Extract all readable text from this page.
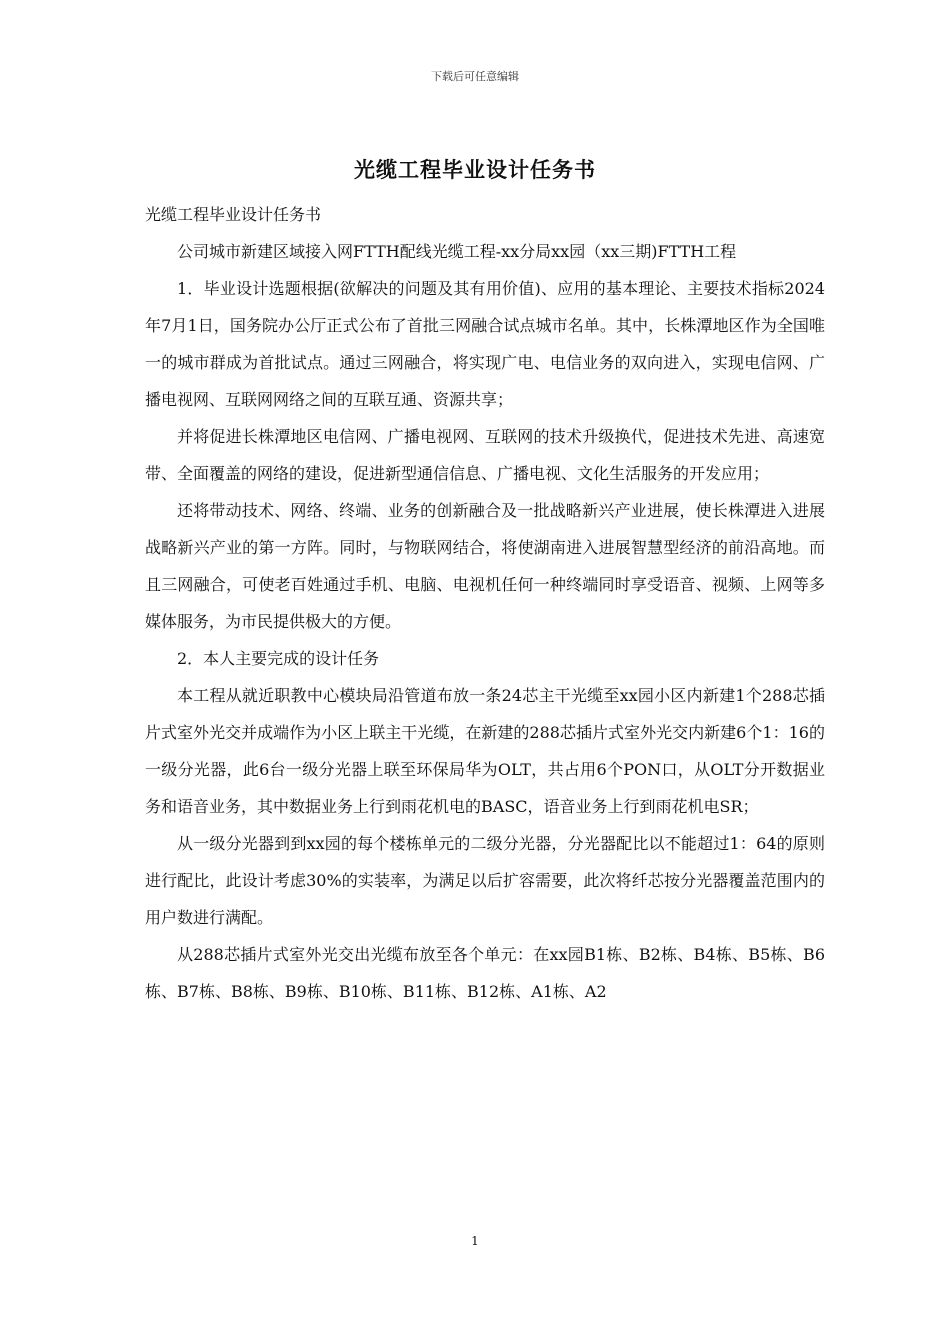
下载后可任意编辑
光缆工程毕业设计任务书

光缆工程毕业设计任务书

公司城市新建区域接入网FTTH配线光缆工程-xx分局xx园（xx三期)FTTH工程

1．毕业设计选题根据(欲解决的问题及其有用价值)、应用的基本理论、主要技术指标2024年7月1日，国务院办公厅正式公布了首批三网融合试点城市名单。其中，长株潭地区作为全国唯一的城市群成为首批试点。通过三网融合，将实现广电、电信业务的双向进入，实现电信网、广播电视网、互联网网络之间的互联互通、资源共享；

并将促进长株潭地区电信网、广播电视网、互联网的技术升级换代，促进技术先进、高速宽带、全面覆盖的网络的建设，促进新型通信信息、广播电视、文化生活服务的开发应用；

还将带动技术、网络、终端、业务的创新融合及一批战略新兴产业进展，使长株潭进入进展战略新兴产业的第一方阵。同时，与物联网结合，将使湖南进入进展智慧型经济的前沿高地。而且三网融合，可使老百姓通过手机、电脑、电视机任何一种终端同时享受语音、视频、上网等多媒体服务，为市民提供极大的方便。

2．本人主要完成的设计任务

本工程从就近职教中心模块局沿管道布放一条24芯主干光缆至xx园小区内新建1个288芯插片式室外光交并成端作为小区上联主干光缆，在新建的288芯插片式室外光交内新建6个1：16的一级分光器，此6台一级分光器上联至环保局华为OLT，共占用6个PON口，从OLT分开数据业务和语音业务，其中数据业务上行到雨花机电的BASC，语音业务上行到雨花机电SR；

从一级分光器到到xx园的每个楼栋单元的二级分光器，分光器配比以不能超过1：64的原则进行配比，此设计考虑30%的实装率，为满足以后扩容需要，此次将纤芯按分光器覆盖范围内的用户数进行满配。

从288芯插片式室外光交出光缆布放至各个单元：在xx园B1栋、B2栋、B4栋、B5栋、B6栋、B7栋、B8栋、B9栋、B10栋、B11栋、B12栋、A1栋、A2

1
